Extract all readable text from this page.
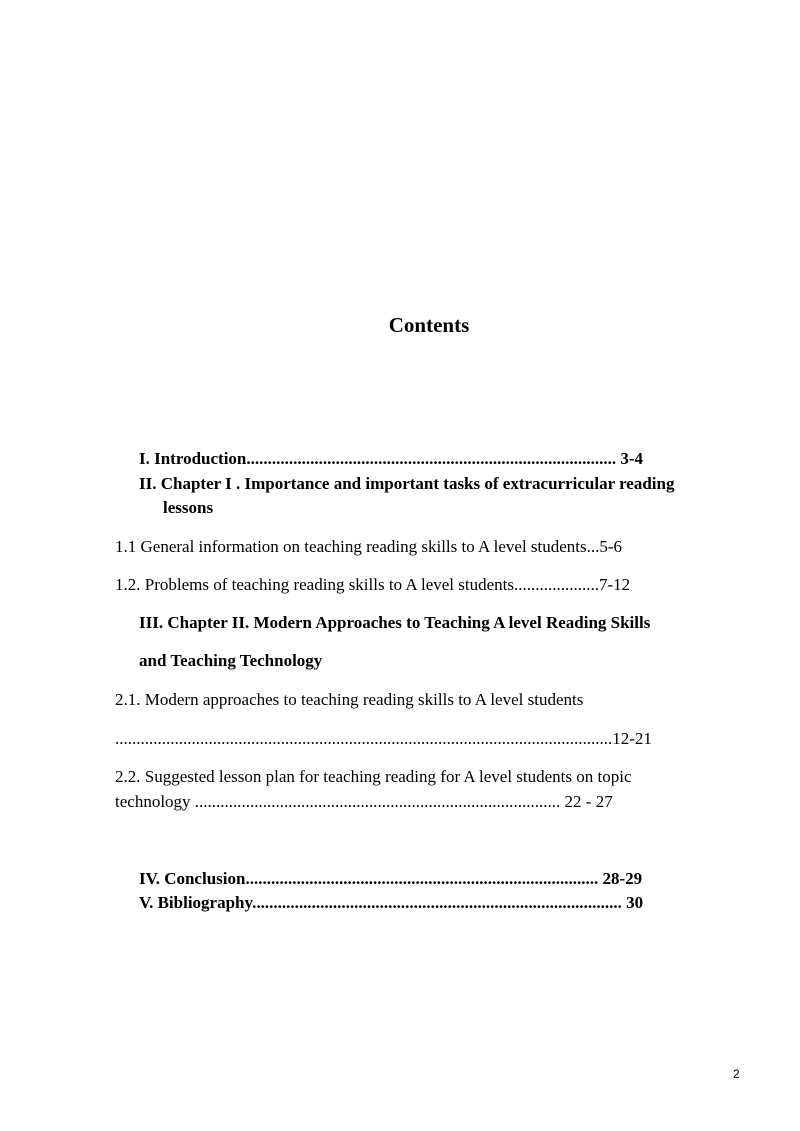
Contents
I. Introduction....................................................................................... 3-4
II. Chapter I . Importance and important tasks of extracurricular reading
lessons
1.1 General information on teaching reading skills to A level students...5-6
1.2. Problems of teaching reading skills to A level students....................7-12
III. Chapter II. Modern Approaches to Teaching A level Reading Skills
and Teaching Technology
2.1. Modern approaches to teaching reading skills to A level students
.....................................................................................................................12-21
2.2. Suggested lesson plan for teaching reading for A level students on topic
technology ...................................................................................... 22 - 27
IV. Conclusion................................................................................... 28-29
V. Bibliography....................................................................................... 30
2
